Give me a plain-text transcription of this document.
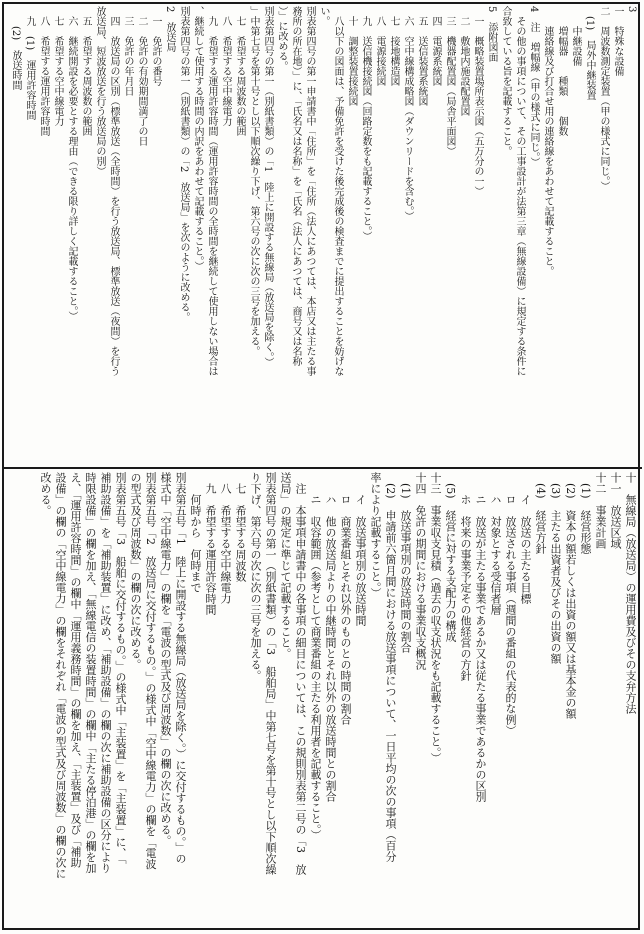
3
一　特殊な設備
二　周波数測定装置（甲の様式に同じ。）
　(1)　局外中継装置
　　中継設備
　　増幅器　　種類　　個数
　　連絡線及び打合せ用の連絡線をあわせて記載すること。
4　注　増幅線（甲の様式に同じ。）
　その他の事項について、その工事設計が法第三章（無線設備）に規定する条件に
合致している旨を記載すること。
5　添附図面
　一　概略装置場所表示図（五万分の一）
　二　敷地内施設配置図
　三　機器配置図（局舎平面図）
　四　電源系統図
　五　送信装置系統図
　六　空中線構成略図（ダウンリードを含む。）
　七　接地構造図
　八　電源接続図
　九　送信機接続図（回路定数をも記載すること。）
　十　調整装置接続図
　八以下の図面は、予備免許を受けた後完成後の検査までに提出することを妨げな
い。
別表第四号の第一申請書中「住所」を「住所（法人にあつては、本店又は主たる事
務所の所在地）」に、「氏名又は名称」を「氏名（法人にあつては、商号又は名称
）」に改める。
別表第四号の第一（別紙書類）の「1　陸上に開設する無線局（放送局を除く。）
」中第七号を第十号とし以下順次繰り下げ、第六号の次に次の三号を加える。
　七　希望する周波数の範囲
　八　希望する空中線電力
　九　希望する運用許容時間（運用許容時間の全時間を継続して使用しない場合は
、継続して使用する時間の内訳をあわせて記載すること。）
別表第四号の第一（別紙書類）の「2　放送局」を次のように改める。
2　放送局
　一　免許の番号
　二　免許の有効期間満了の日
　三　免許の年月日
　四　放送局の区別（標準放送（全時間）を行う放送局、標準放送（夜間）を行う
放送局、短波放送を行う放送局の別）
　五　希望する周波数の範囲
　六　継続開設を必要とする理由（できる限り詳しく記載すること。）
　七　希望する空中線電力
　八　希望する運用許容時間
　九　(1)　運用許容時間
　　(2)　放送時間
十　無線局（放送局）の運用費及びその支弁方法
十一　放送区域
十二　事業計画
　(1)　経営形態
　(2)　資本の額若しくは出資の額又は基本金の額
　(3)　主たる出資者及びその出資の額
　(4)　経営方針
　　イ　放送の主たる目標
　　ロ　放送される事項（週間の番組の代表的な例）
　　ハ　対象とする受信者層
　　ニ　放送が主たる事業であるか又は従たる事業であるかの区別
　　ホ　将来の事業予定その他経営の方針
　(5)　経営に対する支配力の構成
十三　事業収支見積（過去の収支状況をも記載すること。）
十四　免許の期間における事業収支概況
　(1)　放送事項別の放送時間の割合
　(2)　申請前六箇月間における放送事項について、一日平均の次の事項（百分
率により記載すること。）
　　イ　放送事項別の放送時間
　　ロ　商業番組とそれ以外のものとの時間の割合
　　ハ　他の放送局よりの中継時間とそれ以外の放送時間との割合
　　ニ　収容範囲（参考として商業番組の主たる利用者を記載すること。）
　注　本事項申請書中の各事項の細目については、この規則別表第二号の「3　放
送局」の規定に準じて記載すること。
別表第四号の第一（別紙書類）の「3　船舶局」中第七号を第十号とし以下順次繰
り下げ、第六号の次に次の三号を加える。
　七　希望する周波数
　八　希望する空中線電力
　九　希望する運用許容時間
　　何時から　何時まで
別表第五号「1　陸上に開設する無線局（放送局を除く。）に交付するもの。」の
様式中「空中線電力」の欄を「電波の型式及び周波数」の欄の次に改める。
別表第五号「2　放送局に交付するもの。」の様式中「空中線電力」の欄を「電波
の型式及び周波数」の欄の次に改める。
別表第五号「3　船舶に交付するもの。」の様式中「主装置」を「主装置」に、「
補助設備」を「補助装置」に改め、「補助設備」の欄の次に補助設備の区分により
時限設備」の欄を加え、「無線電信の装置時間」の欄中「主たる停泊港」の欄を加
え、「運用許容時間」の欄中「運用義務時間」の欄を加え、「主装置」及び「補助
設備」の欄の「空中線電力」の欄をそれぞれ「電波の型式及び周波数」の欄の次に
改める。
